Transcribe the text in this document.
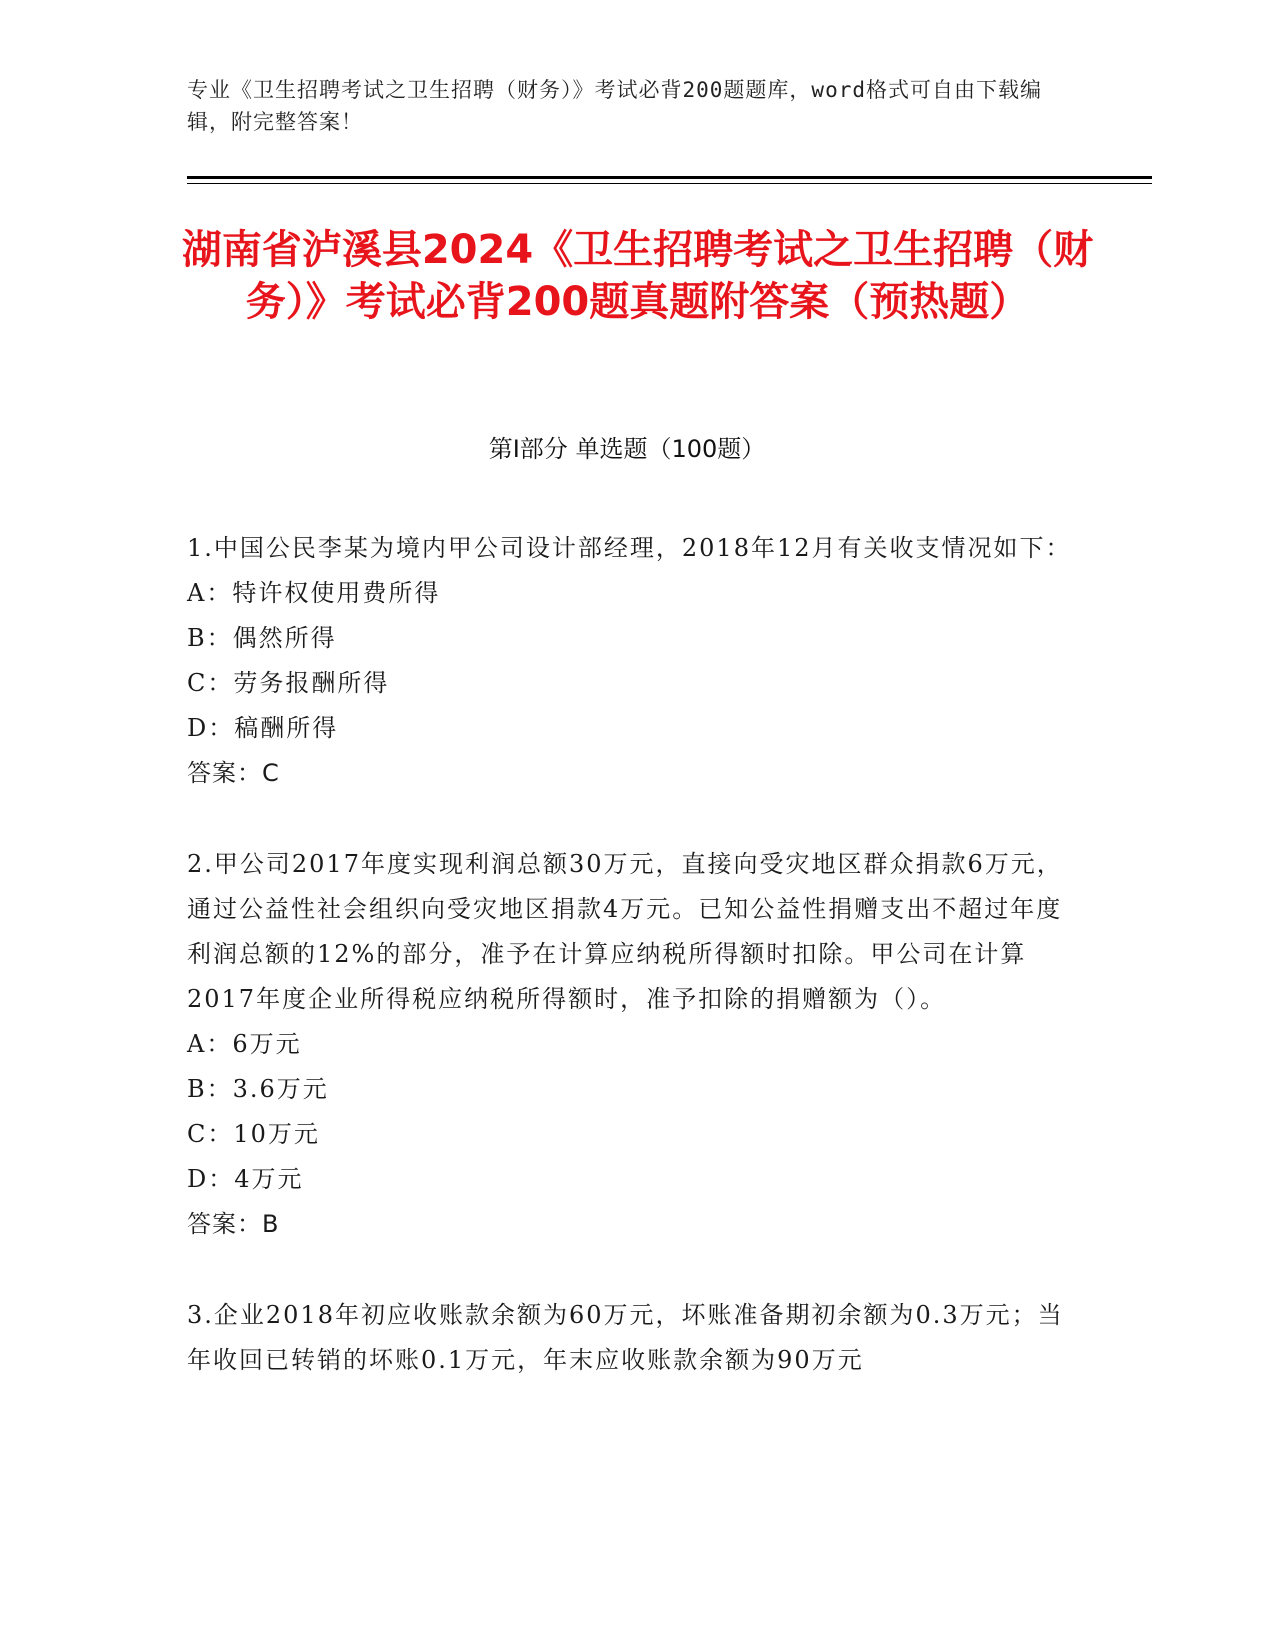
专业《卫生招聘考试之卫生招聘（财务）》考试必背200题题库，word格式可自由下载编辑，附完整答案！
湖南省泸溪县2024《卫生招聘考试之卫生招聘（财务）》考试必背200题真题附答案（预热题）
第I部分 单选题（100题）

1.中国公民李某为境内甲公司设计部经理，2018年12月有关收支情况如下：

A：特许权使用费所得

B：偶然所得

C：劳务报酬所得

D：稿酬所得

答案：C

2.甲公司2017年度实现利润总额30万元，直接向受灾地区群众捐款6万元，通过公益性社会组织向受灾地区捐款4万元。已知公益性捐赠支出不超过年度利润总额的12%的部分，准予在计算应纳税所得额时扣除。甲公司在计算2017年度企业所得税应纳税所得额时，准予扣除的捐赠额为（）。

A：6万元

B：3.6万元

C：10万元

D：4万元

答案：B

3.企业2018年初应收账款余额为60万元，坏账准备期初余额为0.3万元；当年收回已转销的坏账0.1万元，年末应收账款余额为90万元
